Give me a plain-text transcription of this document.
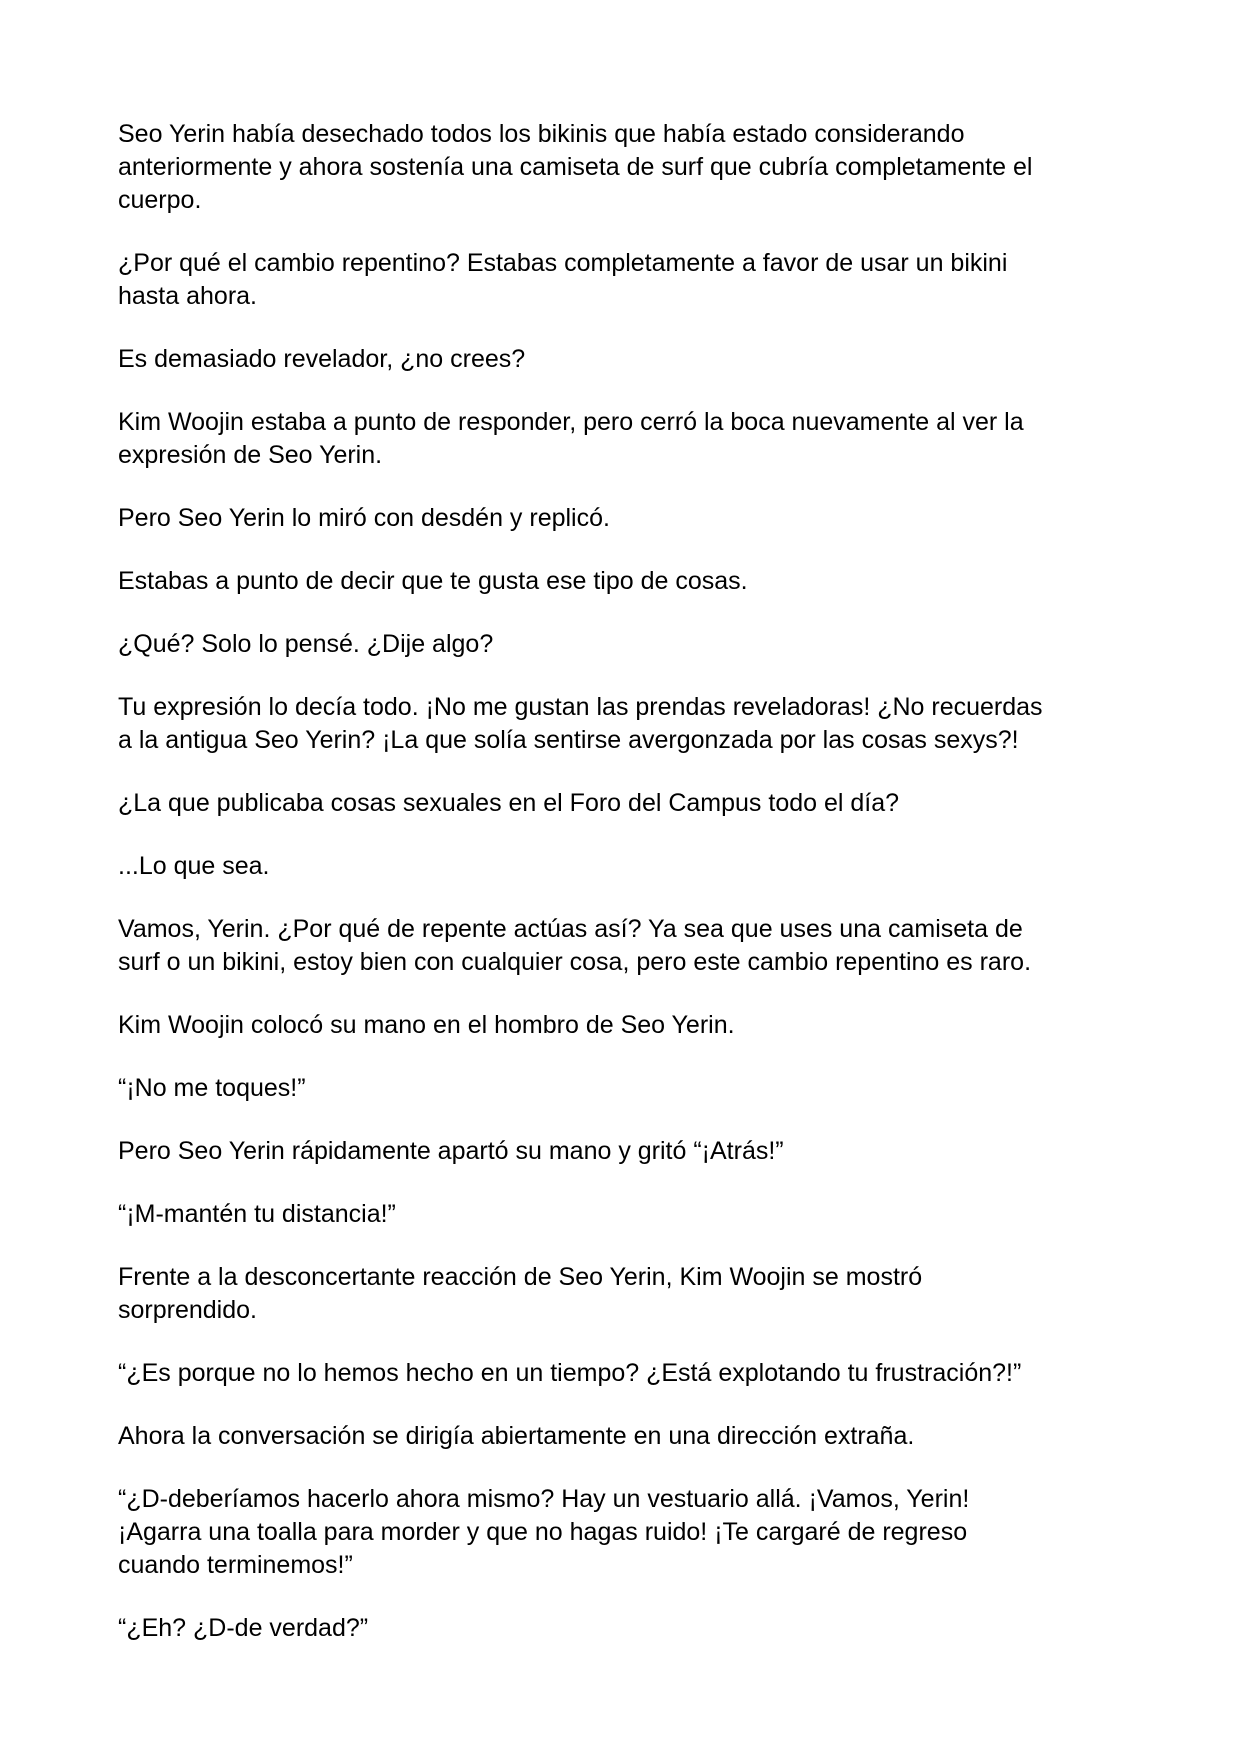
Seo Yerin había desechado todos los bikinis que había estado considerando
anteriormente y ahora sostenía una camiseta de surf que cubría completamente el
cuerpo.

¿Por qué el cambio repentino? Estabas completamente a favor de usar un bikini
hasta ahora.

Es demasiado revelador, ¿no crees?

Kim Woojin estaba a punto de responder, pero cerró la boca nuevamente al ver la
expresión de Seo Yerin.

Pero Seo Yerin lo miró con desdén y replicó.

Estabas a punto de decir que te gusta ese tipo de cosas.

¿Qué? Solo lo pensé. ¿Dije algo?

Tu expresión lo decía todo. ¡No me gustan las prendas reveladoras! ¿No recuerdas
a la antigua Seo Yerin? ¡La que solía sentirse avergonzada por las cosas sexys?!

¿La que publicaba cosas sexuales en el Foro del Campus todo el día?

...Lo que sea.

Vamos, Yerin. ¿Por qué de repente actúas así? Ya sea que uses una camiseta de
surf o un bikini, estoy bien con cualquier cosa, pero este cambio repentino es raro.

Kim Woojin colocó su mano en el hombro de Seo Yerin.

“¡No me toques!”

Pero Seo Yerin rápidamente apartó su mano y gritó “¡Atrás!”

“¡M-mantén tu distancia!”

Frente a la desconcertante reacción de Seo Yerin, Kim Woojin se mostró
sorprendido.

“¿Es porque no lo hemos hecho en un tiempo? ¿Está explotando tu frustración?!”

Ahora la conversación se dirigía abiertamente en una dirección extraña.

“¿D-deberíamos hacerlo ahora mismo? Hay un vestuario allá. ¡Vamos, Yerin!
¡Agarra una toalla para morder y que no hagas ruido! ¡Te cargaré de regreso
cuando terminemos!”

“¿Eh? ¿D-de verdad?”
